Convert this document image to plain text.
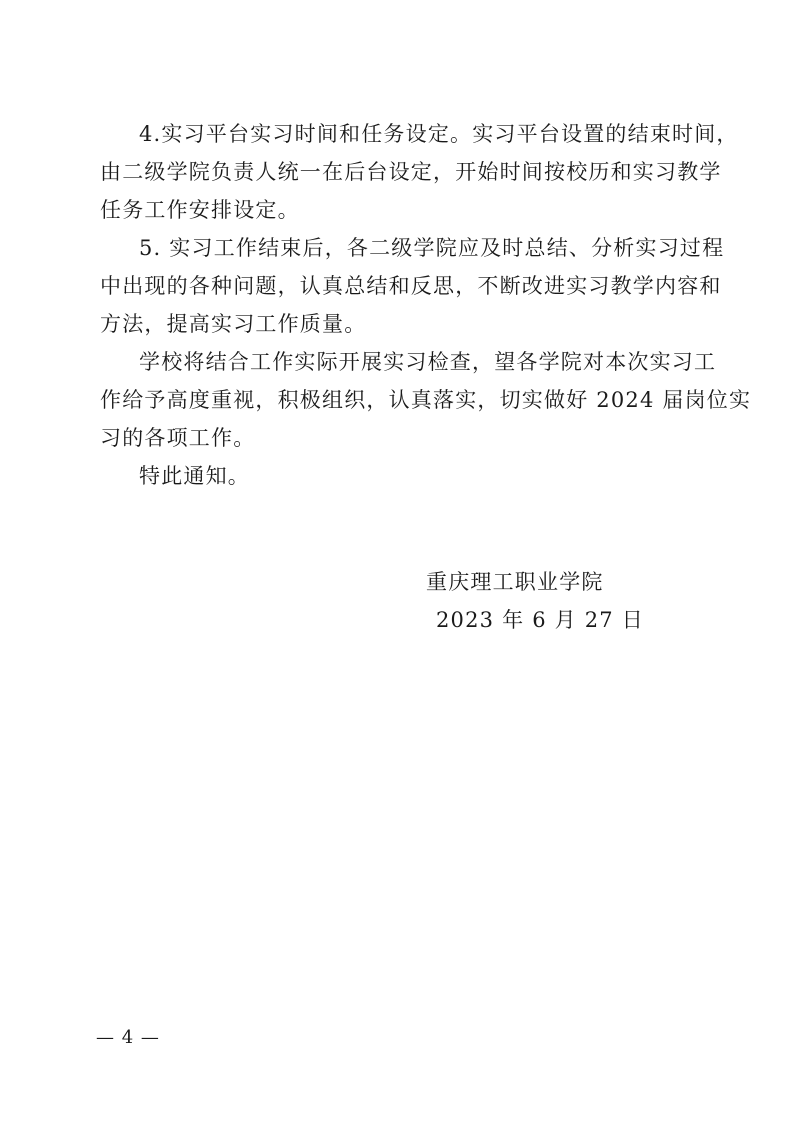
4.实习平台实习时间和任务设定。实习平台设置的结束时间，
由二级学院负责人统一在后台设定，开始时间按校历和实习教学
任务工作安排设定。
5. 实习工作结束后，各二级学院应及时总结、分析实习过程
中出现的各种问题，认真总结和反思，不断改进实习教学内容和
方法，提高实习工作质量。
学校将结合工作实际开展实习检查，望各学院对本次实习工
作给予高度重视，积极组织，认真落实，切实做好 2024 届岗位实
习的各项工作。
特此通知。
重庆理工职业学院
2023 年 6 月 27 日
— 4 —
